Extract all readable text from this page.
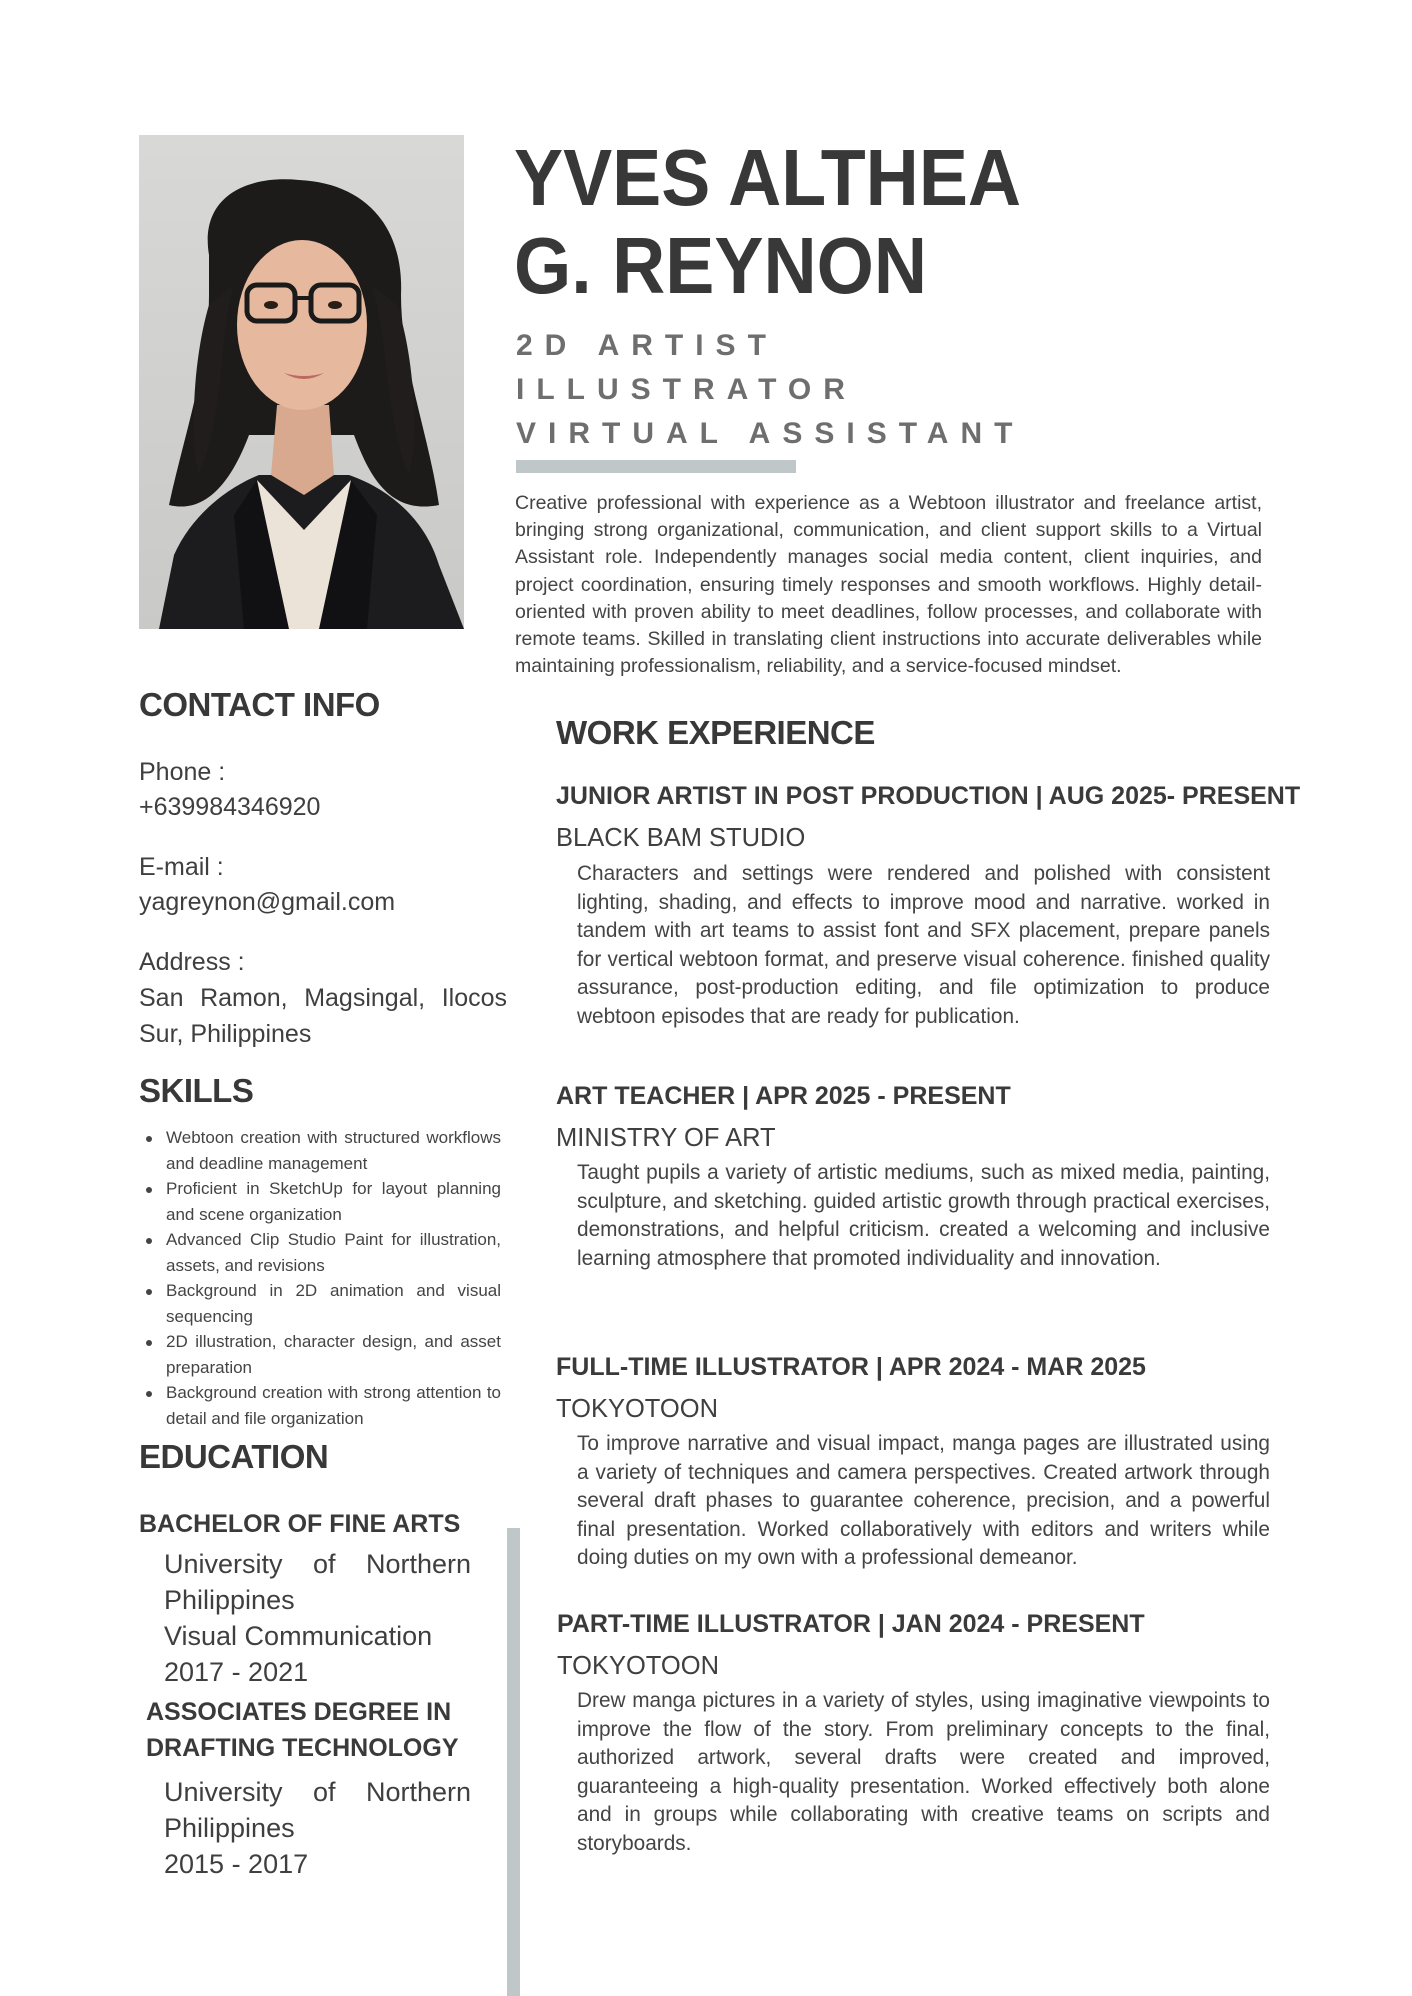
YVES ALTHEA
G. REYNON
2D ARTIST
ILLUSTRATOR
VIRTUAL ASSISTANT

Creative professional with experience as a Webtoon illustrator and freelance artist, bringing strong organizational, communication, and client support skills to a Virtual Assistant role. Independently manages social media content, client inquiries, and project coordination, ensuring timely responses and smooth workflows. Highly detail-oriented with proven ability to meet deadlines, follow processes, and collaborate with remote teams. Skilled in translating client instructions into accurate deliverables while maintaining professionalism, reliability, and a service-focused mindset.

CONTACT INFO
Phone :
+639984346920
E-mail :
yagreynon@gmail.com
Address :

San Ramon, Magsingal, Ilocos Sur, Philippines

SKILLS
Webtoon creation with structured workflows and deadline management
Proficient in SketchUp for layout planning and scene organization
Advanced Clip Studio Paint for illustration, assets, and revisions
Background in 2D animation and visual sequencing
2D illustration, character design, and asset preparation
Background creation with strong attention to detail and file organization
EDUCATION
BACHELOR OF FINE ARTS
University of Northern
Philippines
Visual Communication
2017 - 2021
ASSOCIATES DEGREE IN
DRAFTING TECHNOLOGY
University of Northern
Philippines
2015 - 2017
WORK EXPERIENCE
JUNIOR ARTIST IN POST PRODUCTION | AUG 2025- PRESENT
BLACK BAM STUDIO

Characters and settings were rendered and polished with consistent lighting, shading, and effects to improve mood and narrative. worked in tandem with art teams to assist font and SFX placement, prepare panels for vertical webtoon format, and preserve visual coherence. finished quality assurance, post-production editing, and file optimization to produce webtoon episodes that are ready for publication.

ART TEACHER | APR 2025 - PRESENT
MINISTRY OF ART

Taught pupils a variety of artistic mediums, such as mixed media, painting, sculpture, and sketching. guided artistic growth through practical exercises, demonstrations, and helpful criticism. created a welcoming and inclusive learning atmosphere that promoted individuality and innovation.

FULL-TIME ILLUSTRATOR | APR 2024 - MAR 2025
TOKYOTOON

To improve narrative and visual impact, manga pages are illustrated using a variety of techniques and camera perspectives. Created artwork through several draft phases to guarantee coherence, precision, and a powerful final presentation. Worked collaboratively with editors and writers while doing duties on my own with a professional demeanor.

PART-TIME ILLUSTRATOR | JAN 2024 - PRESENT
TOKYOTOON

Drew manga pictures in a variety of styles, using imaginative viewpoints to improve the flow of the story. From preliminary concepts to the final, authorized artwork, several drafts were created and improved, guaranteeing a high-quality presentation. Worked effectively both alone and in groups while collaborating with creative teams on scripts and storyboards.
